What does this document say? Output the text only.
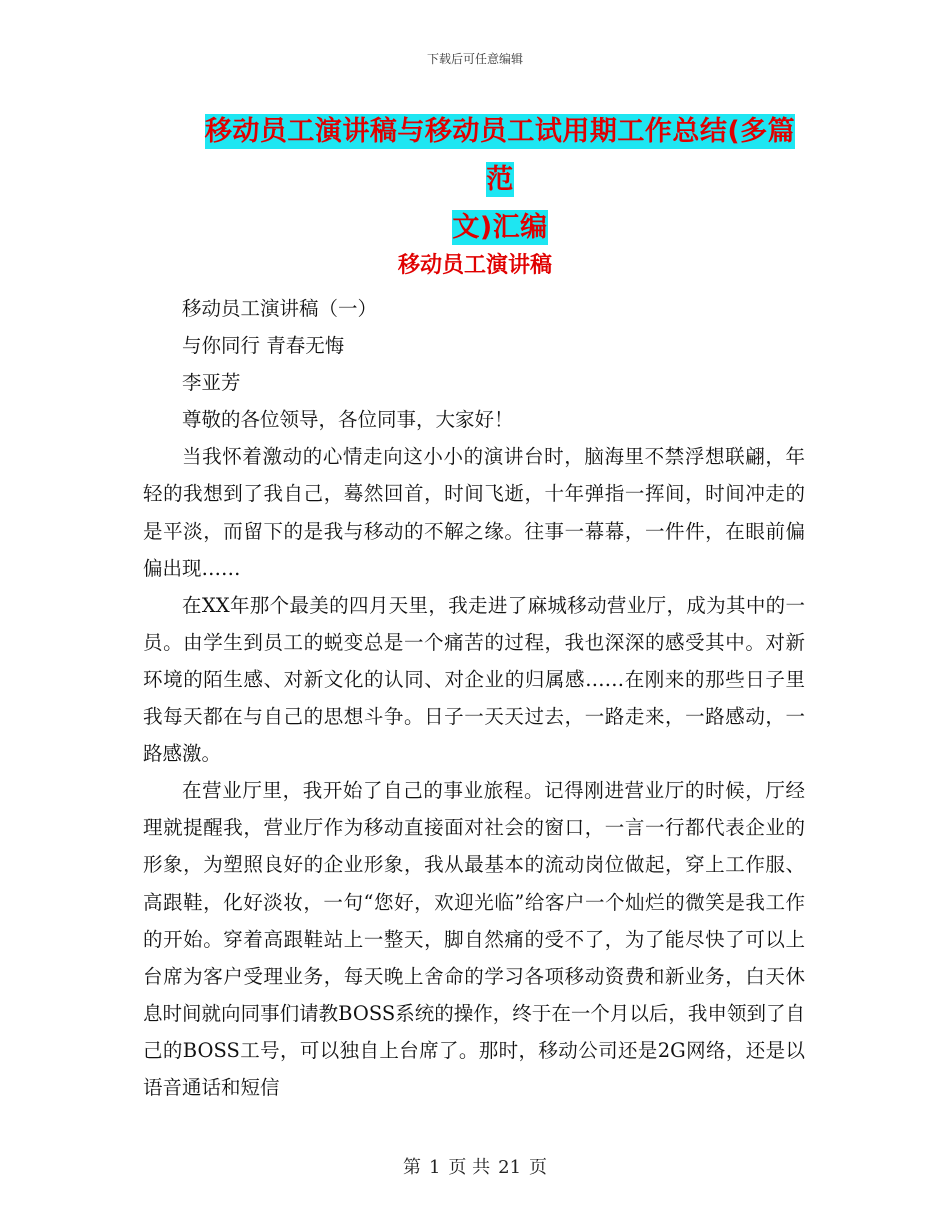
下载后可任意编辑
移动员工演讲稿与移动员工试用期工作总结(多篇范
文)汇编
移动员工演讲稿

移动员工演讲稿（一）

与你同行 青春无悔

李亚芳

尊敬的各位领导，各位同事，大家好！

当我怀着激动的心情走向这小小的演讲台时，脑海里不禁浮想联翩，年轻的我想到了我自己，蓦然回首，时间飞逝，十年弹指一挥间，时间冲走的是平淡，而留下的是我与移动的不解之缘。往事一幕幕，一件件，在眼前偏偏出现……

在XX年那个最美的四月天里，我走进了麻城移动营业厅，成为其中的一员。由学生到员工的蜕变总是一个痛苦的过程，我也深深的感受其中。对新环境的陌生感、对新文化的认同、对企业的归属感……在刚来的那些日子里我每天都在与自己的思想斗争。日子一天天过去，一路走来，一路感动，一路感激。

在营业厅里，我开始了自己的事业旅程。记得刚进营业厅的时候，厅经理就提醒我，营业厅作为移动直接面对社会的窗口，一言一行都代表企业的形象，为塑照良好的企业形象，我从最基本的流动岗位做起，穿上工作服、高跟鞋，化好淡妆，一句“您好，欢迎光临”给客户一个灿烂的微笑是我工作的开始。穿着高跟鞋站上一整天，脚自然痛的受不了，为了能尽快了可以上台席为客户受理业务，每天晚上舍命的学习各项移动资费和新业务，白天休息时间就向同事们请教BOSS系统的操作，终于在一个月以后，我申领到了自己的BOSS工号，可以独自上台席了。那时，移动公司还是2G网络，还是以语音通话和短信

第 1 页 共 21 页
